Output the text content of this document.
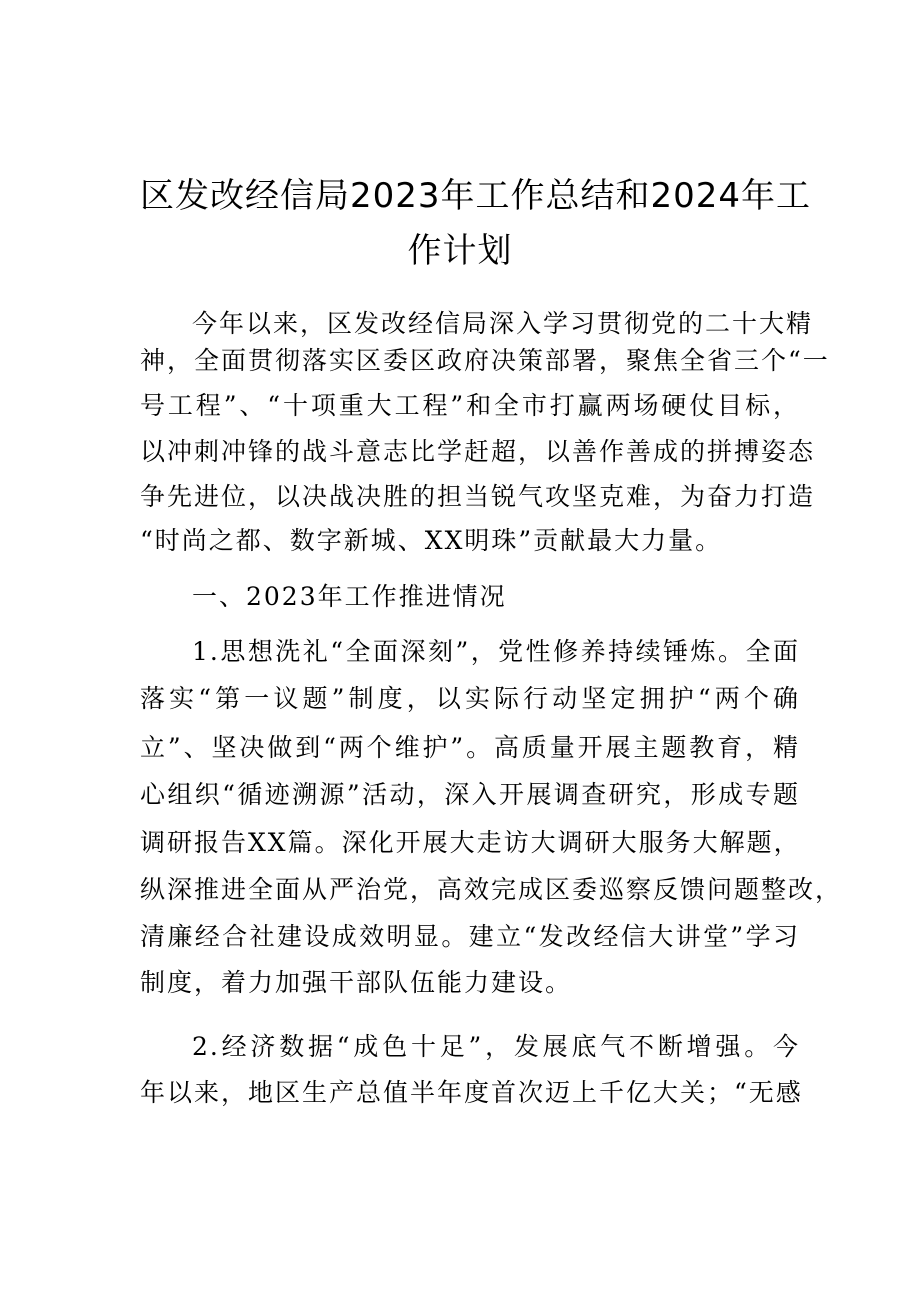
区发改经信局2023年工作总结和2024年工
作计划
今年以来，区发改经信局深入学习贯彻党的二十大精
神，全面贯彻落实区委区政府决策部署，聚焦全省三个“一
号工程”、“十项重大工程”和全市打赢两场硬仗目标，
以冲刺冲锋的战斗意志比学赶超，以善作善成的拼搏姿态
争先进位，以决战决胜的担当锐气攻坚克难，为奋力打造
“时尚之都、数字新城、XX明珠”贡献最大力量。
一、2023年工作推进情况
1.思想洗礼“全面深刻”，党性修养持续锤炼。全面
落实“第一议题”制度，以实际行动坚定拥护“两个确
立”、坚决做到“两个维护”。高质量开展主题教育，精
心组织“循迹溯源”活动，深入开展调查研究，形成专题
调研报告XX篇。深化开展大走访大调研大服务大解题，
纵深推进全面从严治党，高效完成区委巡察反馈问题整改，
清廉经合社建设成效明显。建立“发改经信大讲堂”学习
制度，着力加强干部队伍能力建设。
2.经济数据“成色十足”，发展底气不断增强。今
年以来，地区生产总值半年度首次迈上千亿大关；“无感
